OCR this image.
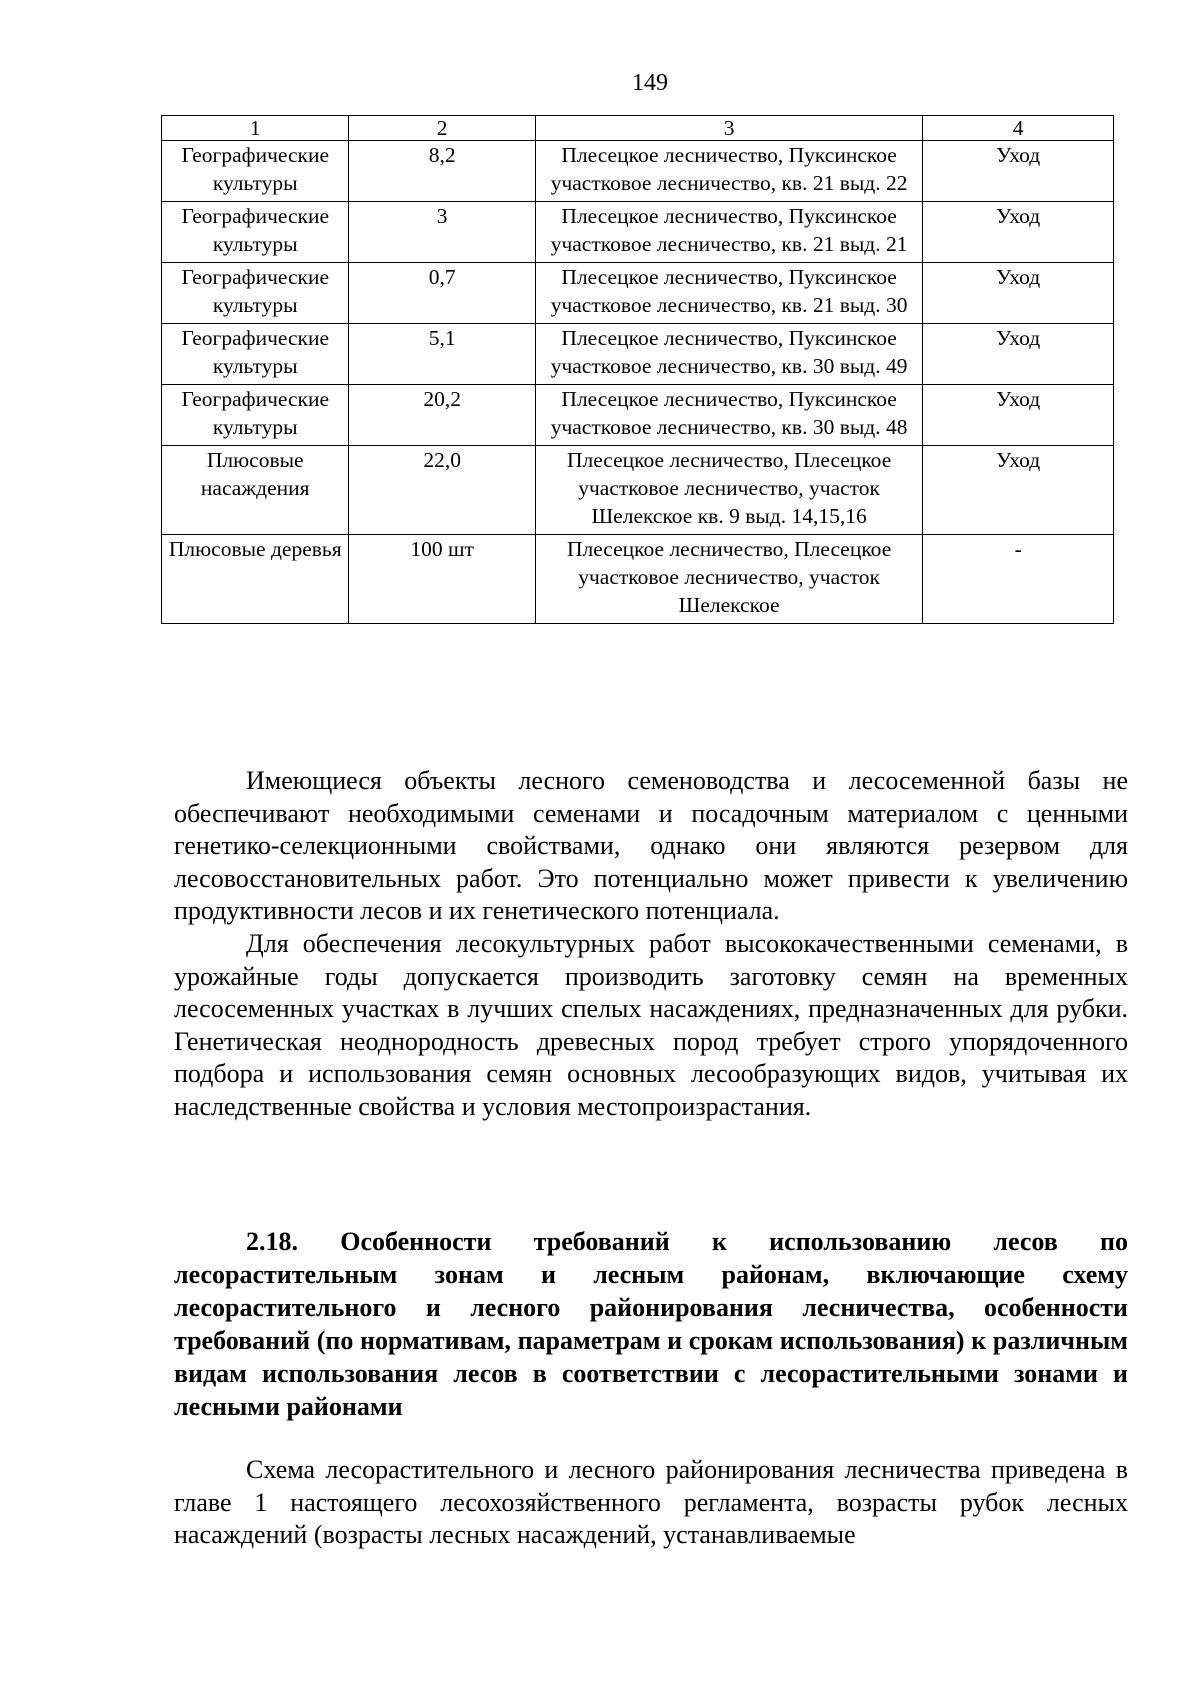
149
1	2	3	4
Географические культуры	8,2	Плесецкое лесничество, Пуксинское участковое лесничество, кв. 21 выд. 22	Уход
Географические культуры	3	Плесецкое лесничество, Пуксинское участковое лесничество, кв. 21 выд. 21	Уход
Географические культуры	0,7	Плесецкое лесничество, Пуксинское участковое лесничество, кв. 21 выд. 30	Уход
Географические культуры	5,1	Плесецкое лесничество, Пуксинское участковое лесничество, кв. 30 выд. 49	Уход
Географические культуры	20,2	Плесецкое лесничество, Пуксинское участковое лесничество, кв. 30 выд. 48	Уход
Плюсовые насаждения	22,0	Плесецкое лесничество, Плесецкое участковое лесничество, участок Шелекское кв. 9 выд. 14,15,16	Уход
Плюсовые деревья	100 шт	Плесецкое лесничество, Плесецкое участковое лесничество, участок Шелекское	-

Имеющиеся объекты лесного семеноводства и лесосеменной базы не обеспечивают необходимыми семенами и посадочным материалом с ценными генетико-селекционными свойствами, однако они являются резервом для лесовосстановительных работ. Это потенциально может привести к увеличению продуктивности лесов и их генетического потенциала.

Для обеспечения лесокультурных работ высококачественными семенами, в урожайные годы допускается производить заготовку семян на временных лесосеменных участках в лучших спелых насаждениях, предназначенных для рубки. Генетическая неоднородность древесных пород требует строго упорядоченного подбора и использования семян основных лесообразующих видов, учитывая их наследственные свойства и условия местопроизрастания.

2.18. Особенности требований к использованию лесов по лесорастительным зонам и лесным районам, включающие схему лесорастительного и лесного районирования лесничества, особенности требований (по нормативам, параметрам и срокам использования) к различным видам использования лесов в соответствии с лесорастительными зонами и лесными районами

Схема лесорастительного и лесного районирования лесничества приведена в главе 1 настоящего лесохозяйственного регламента, возрасты рубок лесных насаждений (возрасты лесных насаждений, устанавливаемые
